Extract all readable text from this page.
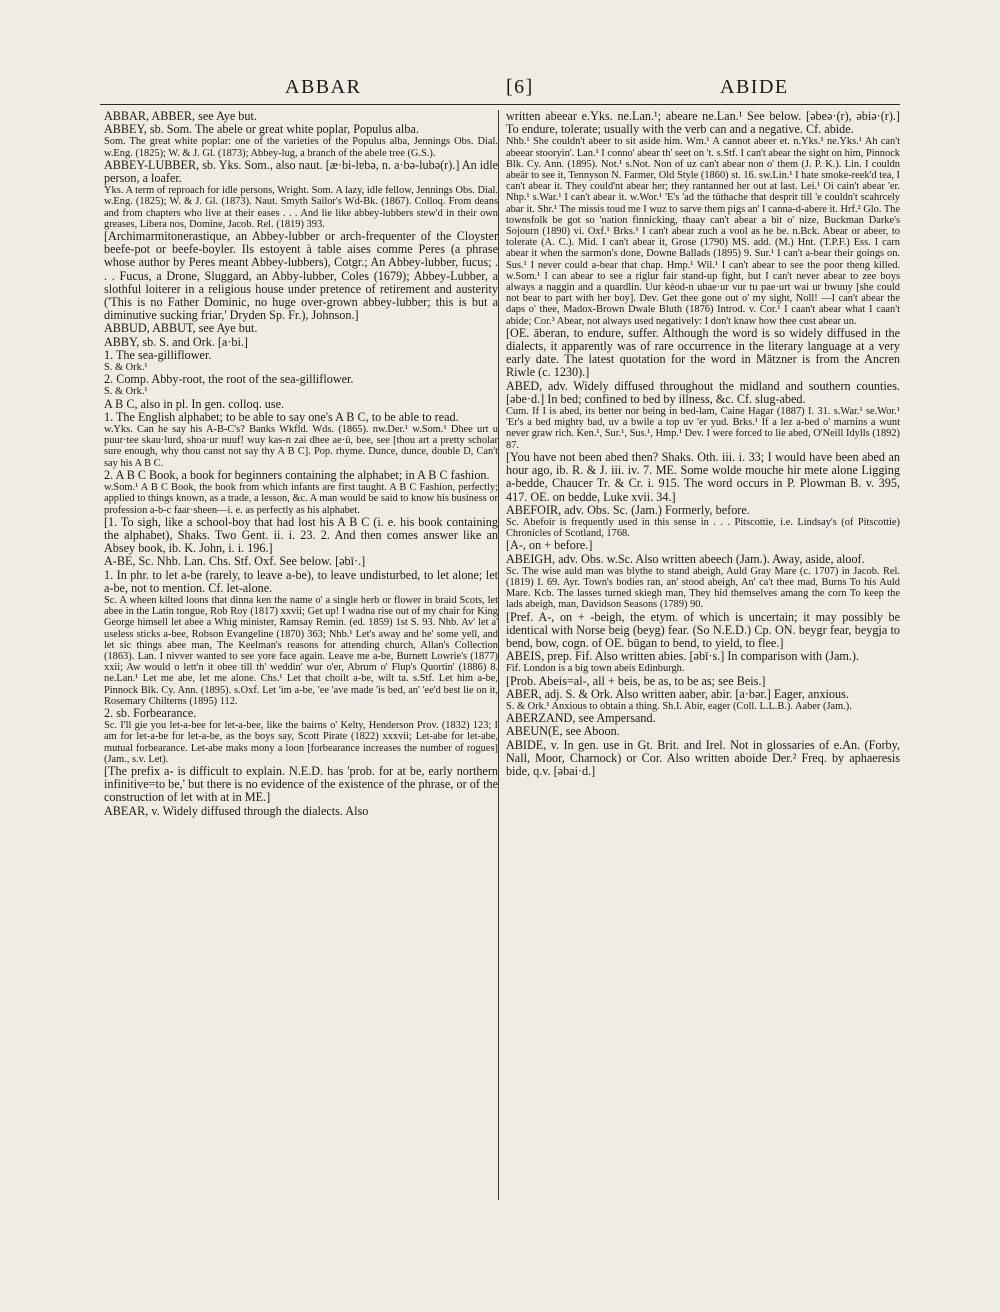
ABBAR	[6]	ABIDE

ABBAR, ABBER, see Aye but.

ABBEY, sb. Som. The abele or great white poplar, Populus alba.

Som. The great white poplar: one of the varieties of the Populus alba, Jennings Obs. Dial. w.Eng. (1825); W. & J. Gl. (1873); Abbey-lug, a branch of the abele tree (G.S.).

ABBEY-LUBBER, sb. Yks. Som., also naut. [æ·bi-lɐbə, n. a·bə-lubə(r).] An idle person, a loafer.

Yks. A term of reproach for idle persons, Wright. Som. A lazy, idle fellow, Jennings Obs. Dial. w.Eng. (1825); W. & J. Gl. (1873). Naut. Smyth Sailor's Wd-Bk. (1867). Colloq. From deans and from chapters who live at their eases . . . And lie like abbey-lubbers stew'd in their own greases, Libera nos, Domine, Jacob. Rel. (1819) 393.

[Archimarmitonerastique, an Abbey-lubber or arch-frequenter of the Cloyster beefe-pot or beefe-boyler. Ils estoyent à table aises comme Peres (a phrase whose author by Peres meant Abbey-lubbers), Cotgr.; An Abbey-lubber, fucus; . . . Fucus, a Drone, Sluggard, an Abby-lubber, Coles (1679); Abbey-Lubber, a slothful loiterer in a religious house under pretence of retirement and austerity ('This is no Father Dominic, no huge over-grown abbey-lubber; this is but a diminutive sucking friar,' Dryden Sp. Fr.), Johnson.]

ABBUD, ABBUT, see Aye but.

ABBY, sb. S. and Ork. [a·bi.]

1. The sea-gilliflower.

S. & Ork.¹

2. Comp. Abby-root, the root of the sea-gilliflower.

S. & Ork.¹

A B C, also in pl. In gen. colloq. use.

1. The English alphabet; to be able to say one's A B C, to be able to read.

w.Yks. Can he say his A-B-C's? Banks Wkfld. Wds. (1865). nw.Der.¹ w.Som.¹ Dhee urt u puur·tee skau·lurd, shoa·ur nuuf! wuy kas-n zai dhee ae·ü, bee, see [thou art a pretty scholar sure enough, why thou canst not say thy A B C]. Pop. rhyme. Dunce, dunce, double D, Can't say his A B C.

2. A B C Book, a book for beginners containing the alphabet; in A B C fashion.

w.Som.¹ A B C Book, the book from which infants are first taught. A B C Fashion, perfectly; applied to things known, as a trade, a lesson, &c. A man would be said to know his business or profession a-b-c faar·sheen—i. e. as perfectly as his alphabet.

[1. To sigh, like a school-boy that had lost his A B C (i. e. his book containing the alphabet), Shaks. Two Gent. ii. i. 23. 2. And then comes answer like an Absey book, ib. K. John, i. i. 196.]

A-BE, Sc. Nhb. Lan. Chs. Stf. Oxf. See below. [əbī·.]

1. In phr. to let a-be (rarely, to leave a-be), to leave undisturbed, to let alone; let a-be, not to mention. Cf. let-alone.

Sc. A wheen kilted loons that dinna ken the name o' a single herb or flower in braid Scots, let abee in the Latin tongue, Rob Roy (1817) xxvii; Get up! I wadna rise out of my chair for King George himsell let abee a Whig minister, Ramsay Remin. (ed. 1859) 1st S. 93. Nhb. Av' let a' useless sticks a-bee, Robson Evangeline (1870) 363; Nhb.¹ Let's away and he' some yell, and let sic things abee man, The Keelman's reasons for attending church, Allan's Collection (1863). Lan. I nivver wanted to see yore face again. Leave me a-be, Burnett Lowrie's (1877) xxii; Aw would o lett'n it obee till th' weddin' wur o'er, Abrum o' Flup's Quortin' (1886) 8. ne.Lan.¹ Let me abe, let me alone. Chs.¹ Let that choilt a-be, wilt ta. s.Stf. Let him a-be, Pinnock Blk. Cy. Ann. (1895). s.Oxf. Let 'im a-be, 'ee 'ave made 'is bed, an' 'ee'd best lie on it, Rosemary Chilterns (1895) 112.

2. sb. Forbearance.

Sc. I'll gie you let-a-bee for let-a-bee, like the bairns o' Kelty, Henderson Prov. (1832) 123; I am for let-a-be for let-a-be, as the boys say, Scott Pirate (1822) xxxvii; Let-abe for let-abe, mutual forbearance. Let-abe maks mony a loon [forbearance increases the number of rogues] (Jam., s.v. Let).

[The prefix a- is difficult to explain. N.E.D. has 'prob. for at be, early northern infinitive=to be,' but there is no evidence of the existence of the phrase, or of the construction of let with at in ME.]

ABEAR, v. Widely diffused through the dialects. Also

written abeear e.Yks. ne.Lan.¹; abeare ne.Lan.¹ See below. [əbeə·(r), əbiə·(r).] To endure, tolerate; usually with the verb can and a negative. Cf. abide.

Nhb.¹ She couldn't abeer to sit aside him. Wm.¹ A cannot abeer et. n.Yks.¹ ne.Yks.¹ Ah can't abeear stooryin'. Lan.¹ I conno' abear th' seet on 't. s.Stf. I can't abear the sight on him, Pinnock Blk. Cy. Ann. (1895). Not.¹ s.Not. Non of uz can't abear non o' them (J. P. K.). Lin. I couldn abeär to see it, Tennyson N. Farmer, Old Style (1860) st. 16. sw.Lin.¹ I hate smoke-reek'd tea, I can't abear it. They could'nt abear her; they rantanned her out at last. Lei.¹ Oi cain't abear 'er. Nhp.¹ s.War.¹ I can't abear it. w.Wor.¹ 'E's 'ad the tüthache that desprit till 'e couldn't scahrcely abar it. Shr.¹ The missis toud me I wuz to sarve them pigs an' I canna-d-abere it. Hrf.² Glo. The townsfolk be got so 'nation finnicking, thaay can't abear a bit o' nize, Buckman Darke's Sojourn (1890) vi. Oxf.¹ Brks.¹ I can't abear zuch a vool as he be. n.Bck. Abear or abeer, to tolerate (A. C.). Mid. I can't abear it, Grose (1790) MS. add. (M.) Hnt. (T.P.F.) Ess. I carn abear it when the sarmon's done, Downe Ballads (1895) 9. Sur.¹ I can't a-bear their goings on. Sus.¹ I never could a-bear that chap. Hmp.¹ Wil.¹ I can't abear to see the poor theng killed. w.Som.¹ I can abear to see a riglur fair stand-up fight, but I can't never abear to zee boys always a naggin and a quardlin. Uur kèod-n ubae·ur vur tu pae·urt wai ur bwuuy [she could not bear to part with her boy]. Dev. Get thee gone out o' my sight, Noll! —I can't abear the daps o' thee, Madox-Brown Dwale Bluth (1876) Introd. v. Cor.¹ I caan't abear what I caan't abide; Cor.³ Abear, not always used negatively: I don't knaw how thee cust abear un.

[OE. āberan, to endure, suffer. Although the word is so widely diffused in the dialects, it apparently was of rare occurrence in the literary language at a very early date. The latest quotation for the word in Mätzner is from the Ancren Riwle (c. 1230).]

ABED, adv. Widely diffused throughout the midland and southern counties. [əbe·d.] In bed; confined to bed by illness, &c. Cf. slug-abed.

Cum. If I is abed, its better nor being in bed-lam, Caine Hagar (1887) I. 31. s.War.¹ se.Wor.¹ 'Er's a bed mighty bad, uv a bwile a top uv 'er yud. Brks.¹ If a lez a-bed o' marnins a wunt never graw rich. Ken.¹, Sur.¹, Sus.¹, Hmp.¹ Dev. I were forced to lie abed, O'Neill Idylls (1892) 87.

[You have not been abed then? Shaks. Oth. iii. i. 33; I would have been abed an hour ago, ib. R. & J. iii. iv. 7. ME. Some wolde mouche hir mete alone Ligging a-bedde, Chaucer Tr. & Cr. i. 915. The word occurs in P. Plowman B. v. 395, 417. OE. on bedde, Luke xvii. 34.]

ABEFOIR, adv. Obs. Sc. (Jam.) Formerly, before.

Sc. Abefoir is frequently used in this sense in . . . Pitscottie, i.e. Lindsay's (of Pitscottie) Chronicles of Scotland, 1768.

[A-, on + before.]

ABEIGH, adv. Obs. w.Sc. Also written abeech (Jam.). Away, aside, aloof.

Sc. The wise auld man was blythe to stand abeigh, Auld Gray Mare (c. 1707) in Jacob. Rel. (1819) I. 69. Ayr. Town's bodies ran, an' stood abeigh, An' ca't thee mad, Burns To his Auld Mare. Kcb. The lasses turned skiegh man, They hid themselves amang the corn To keep the lads abeigh, man, Davidson Seasons (1789) 90.

[Pref. A-, on + -beigh, the etym. of which is uncertain; it may possibly be identical with Norse beig (beyg) fear. (So N.E.D.) Cp. ON. beygr fear, beygja to bend, bow, cogn. of OE. būgan to bend, to yield, to flee.]

ABEIS, prep. Fif. Also written abies. [əbī·s.] In comparison with (Jam.).

Fif. London is a big town abeis Edinburgh.

[Prob. Abeis=al-, all + beis, be as, to be as; see Beis.]

ABER, adj. S. & Ork. Also written aaber, abir. [a·bər.] Eager, anxious.

S. & Ork.¹ Anxious to obtain a thing. Sh.I. Abir, eager (Coll. L.L.B.). Aaber (Jam.).

ABERZAND, see Ampersand.

ABEUN(E, see Aboon.

ABIDE, v. In gen. use in Gt. Brit. and Irel. Not in glossaries of e.An. (Forby, Nall, Moor, Charnock) or Cor. Also written aboide Der.² Freq. by aphaeresis bide, q.v. [əbai·d.]
